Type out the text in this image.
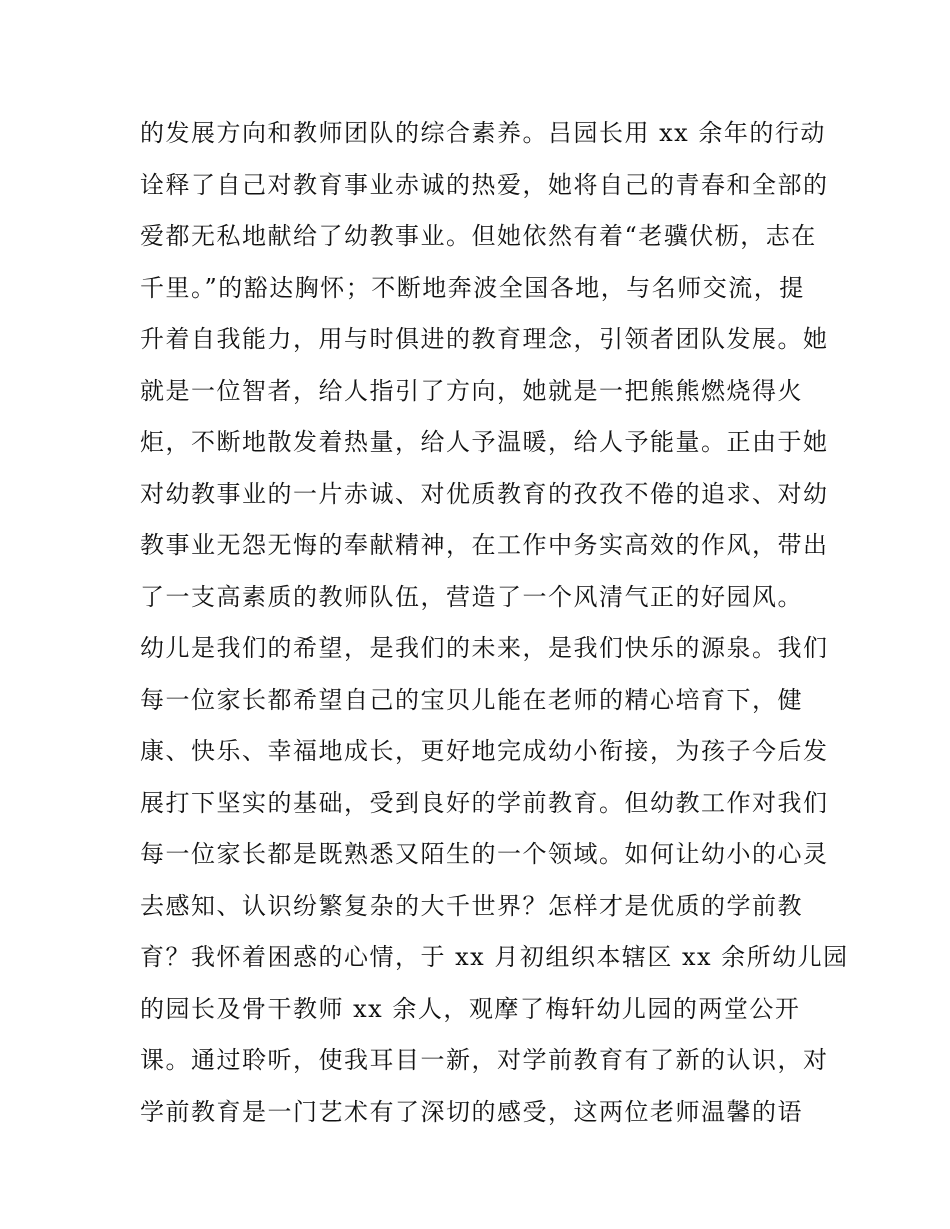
的发展方向和教师团队的综合素养。吕园长用 xx 余年的行动
诠释了自己对教育事业赤诚的热爱，她将自己的青春和全部的
爱都无私地献给了幼教事业。但她依然有着“老骥伏枥，志在
千里。”的豁达胸怀；不断地奔波全国各地，与名师交流，提
升着自我能力，用与时俱进的教育理念，引领者团队发展。她
就是一位智者，给人指引了方向，她就是一把熊熊燃烧得火
炬，不断地散发着热量，给人予温暖，给人予能量。正由于她
对幼教事业的一片赤诚、对优质教育的孜孜不倦的追求、对幼
教事业无怨无悔的奉献精神，在工作中务实高效的作风，带出
了一支高素质的教师队伍，营造了一个风清气正的好园风。
幼儿是我们的希望，是我们的未来，是我们快乐的源泉。我们
每一位家长都希望自己的宝贝儿能在老师的精心培育下，健
康、快乐、幸福地成长，更好地完成幼小衔接，为孩子今后发
展打下坚实的基础，受到良好的学前教育。但幼教工作对我们
每一位家长都是既熟悉又陌生的一个领域。如何让幼小的心灵
去感知、认识纷繁复杂的大千世界？怎样才是优质的学前教
育？我怀着困惑的心情，于 xx 月初组织本辖区 xx 余所幼儿园
的园长及骨干教师 xx 余人，观摩了梅轩幼儿园的两堂公开
课。通过聆听，使我耳目一新，对学前教育有了新的认识，对
学前教育是一门艺术有了深切的感受，这两位老师温馨的语
